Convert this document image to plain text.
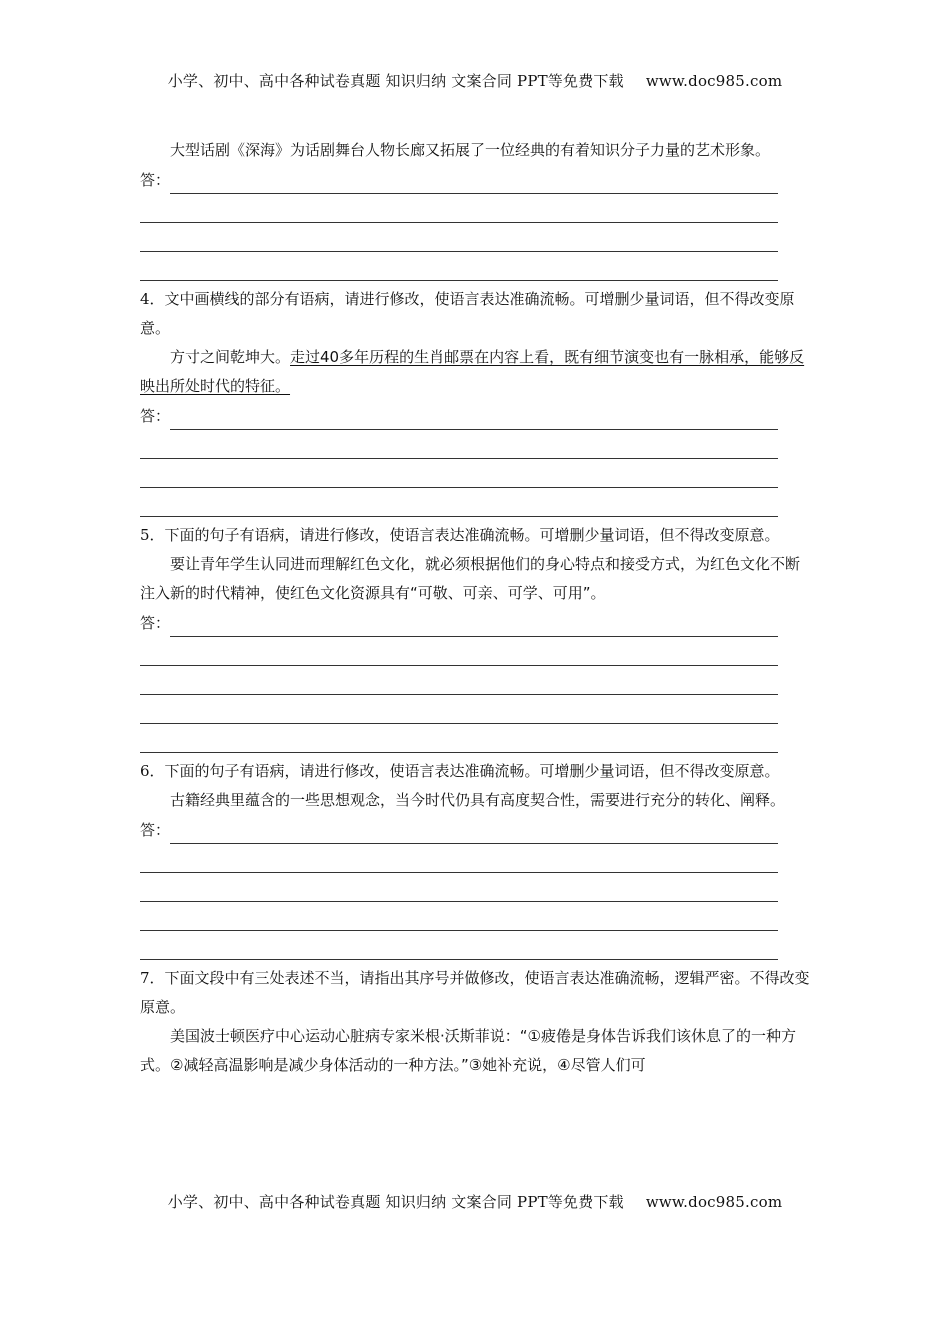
小学、初中、高中各种试卷真题 知识归纳 文案合同 PPT等免费下载 www.doc985.com

大型话剧《深海》为话剧舞台人物长廊又拓展了一位经典的有着知识分子力量的艺术形象。

答：

4．文中画横线的部分有语病，请进行修改，使语言表达准确流畅。可增删少量词语，但不得改变原意。

方寸之间乾坤大。走过40多年历程的生肖邮票在内容上看，既有细节演变也有一脉相承，能够反映出所处时代的特征。

答：

5．下面的句子有语病，请进行修改，使语言表达准确流畅。可增删少量词语，但不得改变原意。

要让青年学生认同进而理解红色文化，就必须根据他们的身心特点和接受方式，为红色文化不断注入新的时代精神，使红色文化资源具有“可敬、可亲、可学、可用”。

答：

6．下面的句子有语病，请进行修改，使语言表达准确流畅。可增删少量词语，但不得改变原意。

古籍经典里蕴含的一些思想观念，当今时代仍具有高度契合性，需要进行充分的转化、阐释。

答：

7．下面文段中有三处表述不当，请指出其序号并做修改，使语言表达准确流畅，逻辑严密。不得改变原意。

美国波士顿医疗中心运动心脏病专家米根·沃斯菲说：“①疲倦是身体告诉我们该休息了的一种方式。②减轻高温影响是减少身体活动的一种方法。”③她补充说，④尽管人们可

小学、初中、高中各种试卷真题 知识归纳 文案合同 PPT等免费下载 www.doc985.com
